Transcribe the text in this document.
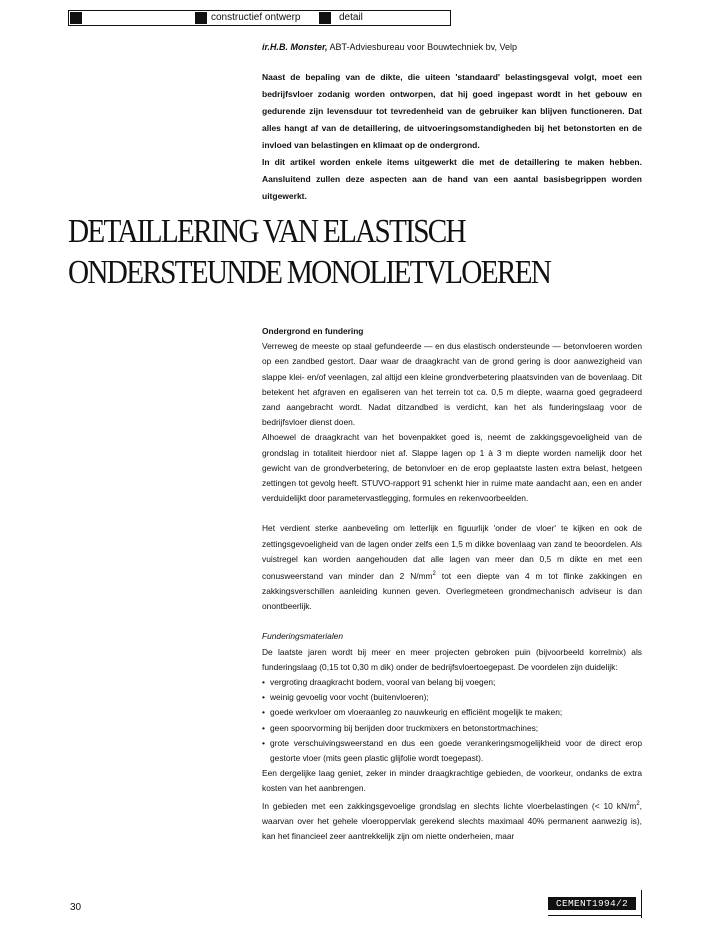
constructief ontwerp	detail
ir.H.B. Monster, ABT-Adviesbureau voor Bouwtechniek bv, Velp

Naast de bepaling van de dikte, die uiteen 'standaard' belastingsgeval volgt, moet een bedrijfsvloer zodanig worden ontworpen, dat hij goed ingepast wordt in het gebouw en gedurende zijn levensduur tot tevredenheid van de gebruiker kan blijven functioneren. Dat alles hangt af van de detaillering, de uitvoeringsomstandigheden bij het betonstorten en de invloed van belastingen en klimaat op de ondergrond.

In dit artikel worden enkele items uitgewerkt die met de detaillering te maken hebben. Aansluitend zullen deze aspecten aan de hand van een aantal basisbegrippen worden uitgewerkt.

DETAILLERING VAN ELASTISCH
ONDERSTEUNDE MONOLIETVLOEREN

Ondergrond en fundering

Verreweg de meeste op staal gefundeerde — en dus elastisch ondersteunde — betonvloeren worden op een zandbed gestort. Daar waar de draagkracht van de grond gering is door aanwezigheid van slappe klei- en/of veenlagen, zal altijd een kleine grondverbetering plaatsvinden van de bovenlaag. Dit betekent het afgraven en egaliseren van het terrein tot ca. 0,5 m diepte, waarna goed gegradeerd zand aangebracht wordt. Nadat ditzandbed is verdicht, kan het als funderingslaag voor de bedrijfsvloer dienst doen.

Alhoewel de draagkracht van het bovenpakket goed is, neemt de zakkingsgevoeligheid van de grondslag in totaliteit hierdoor niet af. Slappe lagen op 1 à 3 m diepte worden namelijk door het gewicht van de grondverbetering, de betonvloer en de erop geplaatste lasten extra belast, hetgeen zettingen tot gevolg heeft. STUVO-rapport 91 schenkt hier in ruime mate aandacht aan, een en ander verduidelijkt door parametervastlegging, formules en rekenvoorbeelden.

Het verdient sterke aanbeveling om letterlijk en figuurlijk 'onder de vloer' te kijken en ook de zettingsgevoeligheid van de lagen onder zelfs een 1,5 m dikke bovenlaag van zand te beoordelen. Als vuistregel kan worden aangehouden dat alle lagen van meer dan 0,5 m dikte en met een conusweerstand van minder dan 2 $N/mm^2$ tot een diepte van 4 m tot flinke zakkingen en zakkingsverschillen aanleiding kunnen geven. Overlegmeteen grondmechanisch adviseur is dan onontbeerlijk.

Funderingsmaterialen

De laatste jaren wordt bij meer en meer projecten gebroken puin (bijvoorbeeld korrelmix) als funderingslaag (0,15 tot 0,30 m dik) onder de bedrijfsvloertoegepast. De voordelen zijn duidelijk:

• vergroting draagkracht bodem, vooral van belang bij voegen;
• weinig gevoelig voor vocht (buitenvloeren);
• goede werkvloer om vloeraanleg zo nauwkeurig en efficiënt mogelijk te maken;
• geen spoorvorming bij berijden door truckmixers en betonstortmachines;
• grote verschuivingsweerstand en dus een goede verankeringsmogelijkheid voor de direct erop gestorte vloer (mits geen plastic glijfolie wordt toegepast).

Een dergelijke laag geniet, zeker in minder draagkrachtige gebieden, de voorkeur, ondanks de extra kosten van het aanbrengen.

In gebieden met een zakkingsgevoelige grondslag en slechts lichte vloerbelastingen (< 10 $kN/m^2$, waarvan over het gehele vloeroppervlak gerekend slechts maximaal 40% permanent aanwezig is), kan het financieel zeer aantrekkelijk zijn om niette onderheien, maar

30	CEMENT1994/2
